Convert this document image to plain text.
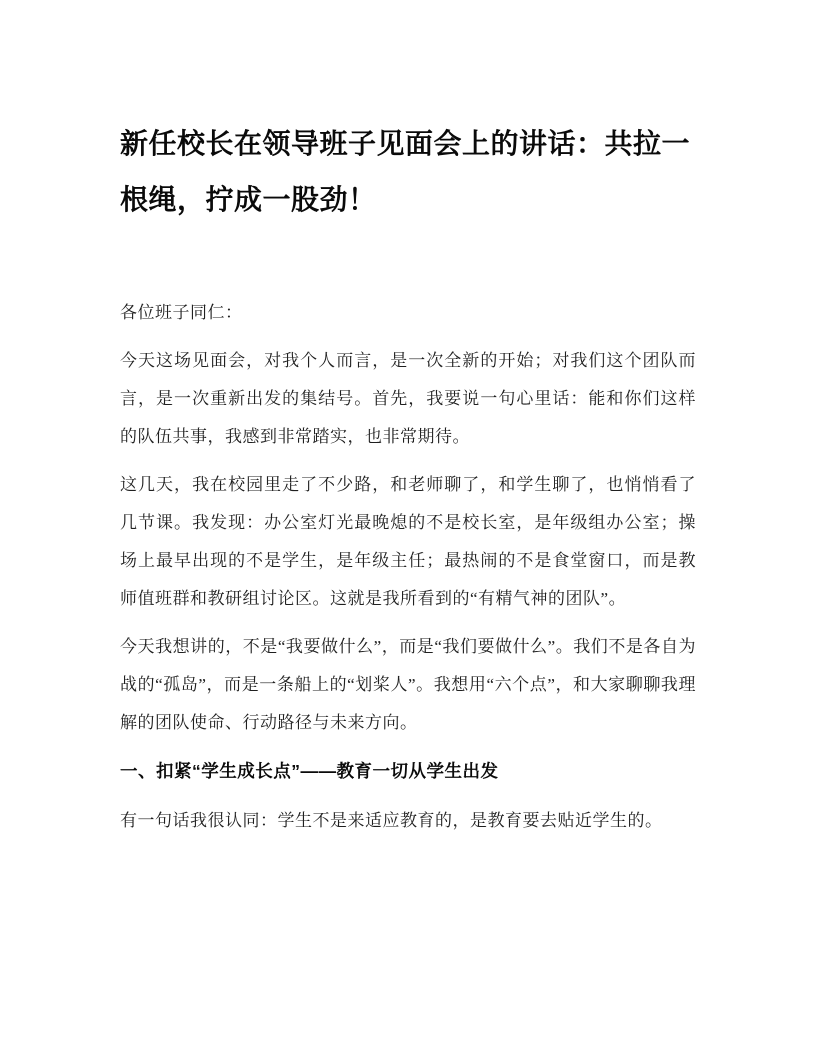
新任校长在领导班子见面会上的讲话：共拉一根绳，拧成一股劲！

各位班子同仁：

今天这场见面会，对我个人而言，是一次全新的开始；对我们这个团队而言，是一次重新出发的集结号。首先，我要说一句心里话：能和你们这样的队伍共事，我感到非常踏实，也非常期待。

这几天，我在校园里走了不少路，和老师聊了，和学生聊了，也悄悄看了几节课。我发现：办公室灯光最晚熄的不是校长室，是年级组办公室；操场上最早出现的不是学生，是年级主任；最热闹的不是食堂窗口，而是教师值班群和教研组讨论区。这就是我所看到的“有精气神的团队”。

今天我想讲的，不是“我要做什么”，而是“我们要做什么”。我们不是各自为战的“孤岛”，而是一条船上的“划桨人”。我想用“六个点”，和大家聊聊我理解的团队使命、行动路径与未来方向。

一、扣紧“学生成长点”——教育一切从学生出发

有一句话我很认同：学生不是来适应教育的，是教育要去贴近学生的。
